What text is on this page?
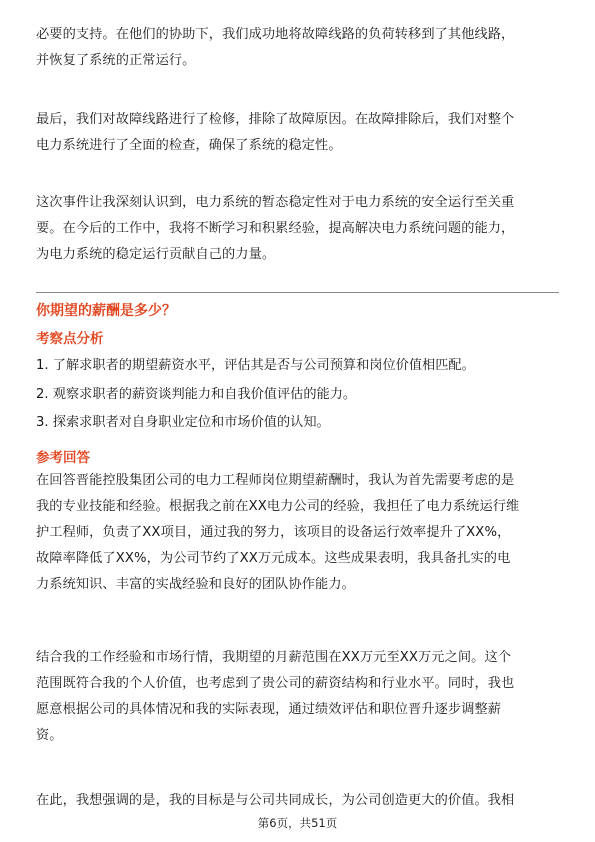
必要的支持。在他们的协助下，我们成功地将故障线路的负荷转移到了其他线路，
并恢复了系统的正常运行。

最后，我们对故障线路进行了检修，排除了故障原因。在故障排除后，我们对整个
电力系统进行了全面的检查，确保了系统的稳定性。

这次事件让我深刻认识到，电力系统的暂态稳定性对于电力系统的安全运行至关重
要。在今后的工作中，我将不断学习和积累经验，提高解决电力系统问题的能力，
为电力系统的稳定运行贡献自己的力量。

你期望的薪酬是多少？
考察点分析
1. 了解求职者的期望薪资水平，评估其是否与公司预算和岗位价值相匹配。
2. 观察求职者的薪资谈判能力和自我价值评估的能力。
3. 探索求职者对自身职业定位和市场价值的认知。
参考回答

在回答晋能控股集团公司的电力工程师岗位期望薪酬时，我认为首先需要考虑的是
我的专业技能和经验。根据我之前在XX电力公司的经验，我担任了电力系统运行维
护工程师，负责了XX项目，通过我的努力，该项目的设备运行效率提升了XX%，
故障率降低了XX%，为公司节约了XX万元成本。这些成果表明，我具备扎实的电
力系统知识、丰富的实战经验和良好的团队协作能力。

结合我的工作经验和市场行情，我期望的月薪范围在XX万元至XX万元之间。这个
范围既符合我的个人价值，也考虑到了贵公司的薪资结构和行业水平。同时，我也
愿意根据公司的具体情况和我的实际表现，通过绩效评估和职位晋升逐步调整薪
资。

在此，我想强调的是，我的目标是与公司共同成长，为公司创造更大的价值。我相

第6页，共51页
